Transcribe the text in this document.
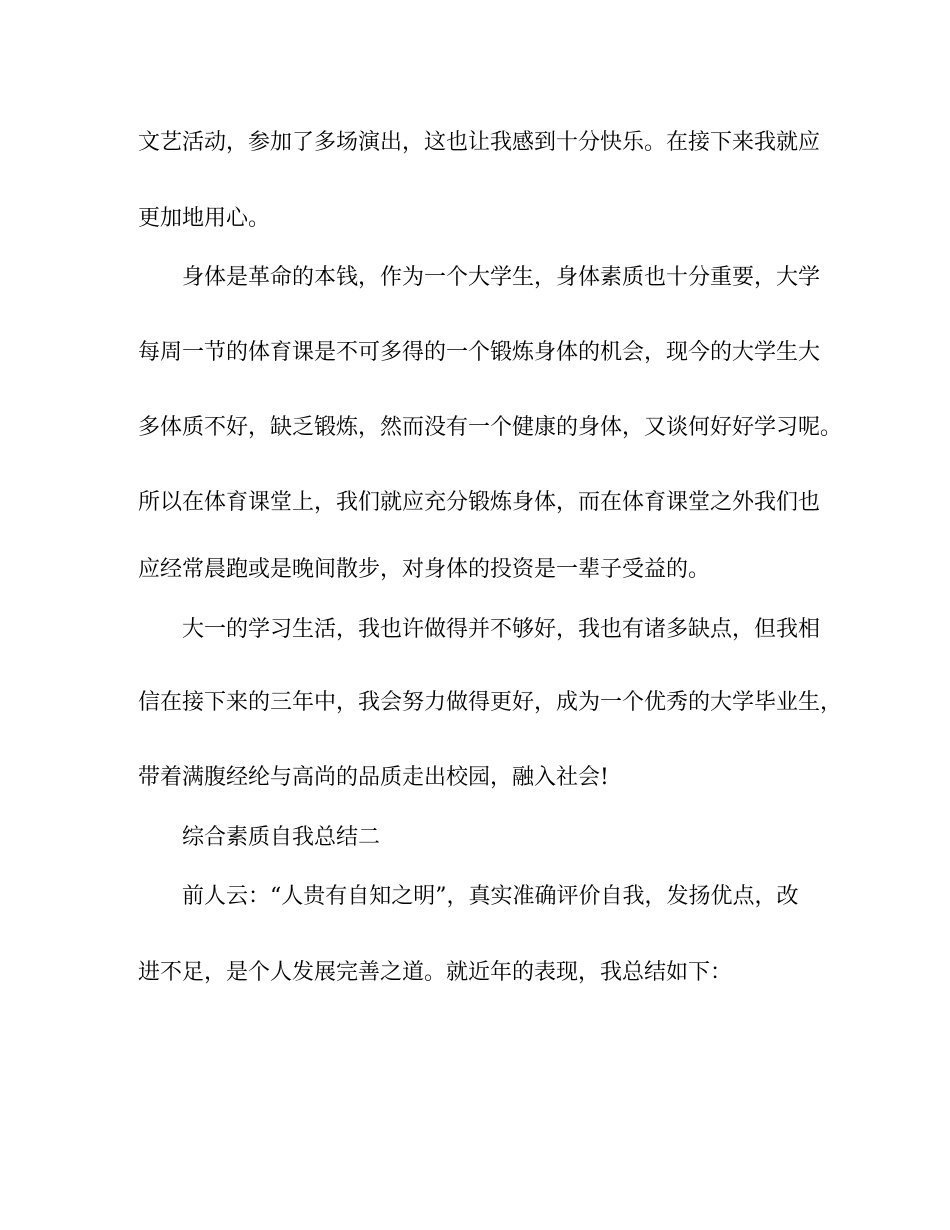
文艺活动，参加了多场演出，这也让我感到十分快乐。在接下来我就应
更加地用心。
身体是革命的本钱，作为一个大学生，身体素质也十分重要，大学
每周一节的体育课是不可多得的一个锻炼身体的机会，现今的大学生大
多体质不好，缺乏锻炼，然而没有一个健康的身体，又谈何好好学习呢。
所以在体育课堂上，我们就应充分锻炼身体，而在体育课堂之外我们也
应经常晨跑或是晚间散步，对身体的投资是一辈子受益的。
大一的学习生活，我也许做得并不够好，我也有诸多缺点，但我相
信在接下来的三年中，我会努力做得更好，成为一个优秀的大学毕业生，
带着满腹经纶与高尚的品质走出校园，融入社会!
综合素质自我总结二
前人云：“人贵有自知之明”，真实准确评价自我，发扬优点，改
进不足，是个人发展完善之道。就近年的表现，我总结如下：
